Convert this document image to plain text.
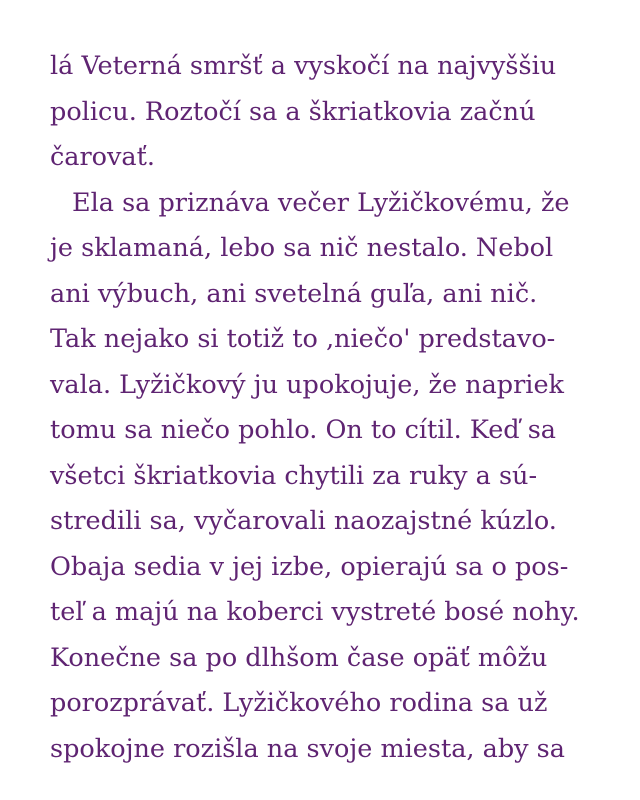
lá Veterná smršť a vyskočí na najvyššiu
policu. Roztočí sa a škriatkovia začnú
čarovať.
Ela sa priznáva večer Lyžičkovému, že
je sklamaná, lebo sa nič nestalo. Nebol
ani výbuch, ani svetelná guľa, ani nič.
Tak nejako si totiž to ‚niečo' predstavo-
vala. Lyžičkový ju upokojuje, že napriek
tomu sa niečo pohlo. On to cítil. Keď sa
všetci škriatkovia chytili za ruky a sú-
stredili sa, vyčarovali naozajstné kúzlo.
Obaja sedia v jej izbe, opierajú sa o pos-
teľ a majú na koberci vystreté bosé nohy.
Konečne sa po dlhšom čase opäť môžu
porozprávať. Lyžičkového rodina sa už
spokojne rozišla na svoje miesta, aby sa
